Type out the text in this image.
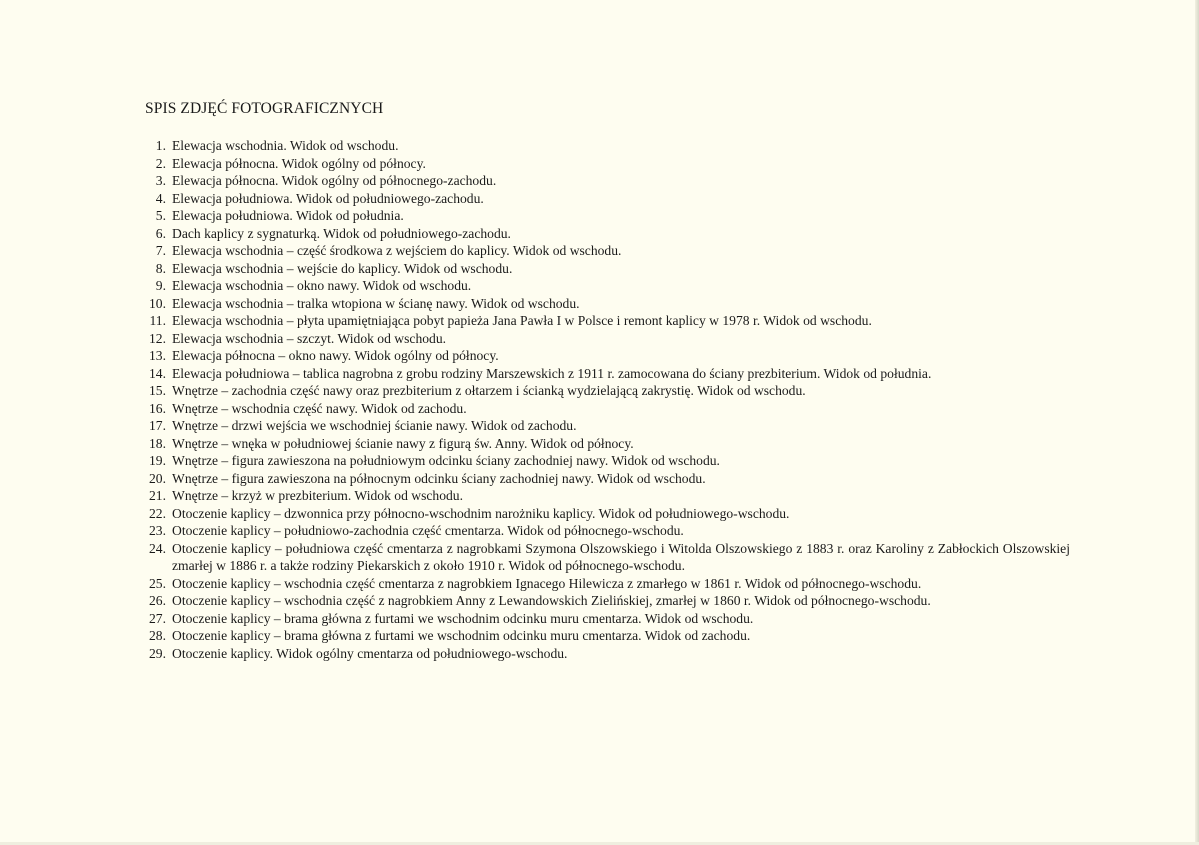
SPIS ZDJĘĆ FOTOGRAFICZNYCH
1. Elewacja wschodnia. Widok od wschodu.
2. Elewacja północna. Widok ogólny od północy.
3. Elewacja północna. Widok ogólny od północnego-zachodu.
4. Elewacja południowa. Widok od południowego-zachodu.
5. Elewacja południowa. Widok od południa.
6. Dach kaplicy z sygnaturką. Widok od południowego-zachodu.
7. Elewacja wschodnia – część środkowa z wejściem do kaplicy. Widok od wschodu.
8. Elewacja wschodnia – wejście do kaplicy. Widok od wschodu.
9. Elewacja wschodnia – okno nawy. Widok od wschodu.
10. Elewacja wschodnia – tralka wtopiona w ścianę nawy. Widok od wschodu.
11. Elewacja wschodnia – płyta upamiętniająca pobyt papieża Jana Pawła I w Polsce i remont kaplicy w 1978 r. Widok od wschodu.
12. Elewacja wschodnia – szczyt. Widok od wschodu.
13. Elewacja północna – okno nawy. Widok ogólny od północy.
14. Elewacja południowa – tablica nagrobna z grobu rodziny Marszewskich z 1911 r. zamocowana do ściany prezbiterium. Widok od południa.
15. Wnętrze – zachodnia część nawy oraz prezbiterium z ołtarzem i ścianką wydzielającą zakrystię. Widok od wschodu.
16. Wnętrze – wschodnia część nawy. Widok od zachodu.
17. Wnętrze – drzwi wejścia we wschodniej ścianie nawy. Widok od zachodu.
18. Wnętrze – wnęka w południowej ścianie nawy z figurą św. Anny. Widok od północy.
19. Wnętrze – figura zawieszona na południowym odcinku ściany zachodniej nawy. Widok od wschodu.
20. Wnętrze – figura zawieszona na północnym odcinku ściany zachodniej nawy. Widok od wschodu.
21. Wnętrze – krzyż w prezbiterium. Widok od wschodu.
22. Otoczenie kaplicy – dzwonnica przy północno-wschodnim narożniku kaplicy. Widok od południowego-wschodu.
23. Otoczenie kaplicy – południowo-zachodnia część cmentarza. Widok od północnego-wschodu.
24. Otoczenie kaplicy – południowa część cmentarza z nagrobkami Szymona Olszowskiego i Witolda Olszowskiego z 1883 r. oraz Karoliny z Zabłockich Olszowskiej zmarłej w 1886 r. a także rodziny Piekarskich z około 1910 r. Widok od północnego-wschodu.
25. Otoczenie kaplicy – wschodnia część cmentarza z nagrobkiem Ignacego Hilewicza z zmarłego w 1861 r. Widok od północnego-wschodu.
26. Otoczenie kaplicy – wschodnia część z nagrobkiem Anny z Lewandowskich Zielińskiej, zmarłej w 1860 r. Widok od północnego-wschodu.
27. Otoczenie kaplicy – brama główna z furtami we wschodnim odcinku muru cmentarza. Widok od wschodu.
28. Otoczenie kaplicy – brama główna z furtami we wschodnim odcinku muru cmentarza. Widok od zachodu.
29. Otoczenie kaplicy. Widok ogólny cmentarza od południowego-wschodu.
